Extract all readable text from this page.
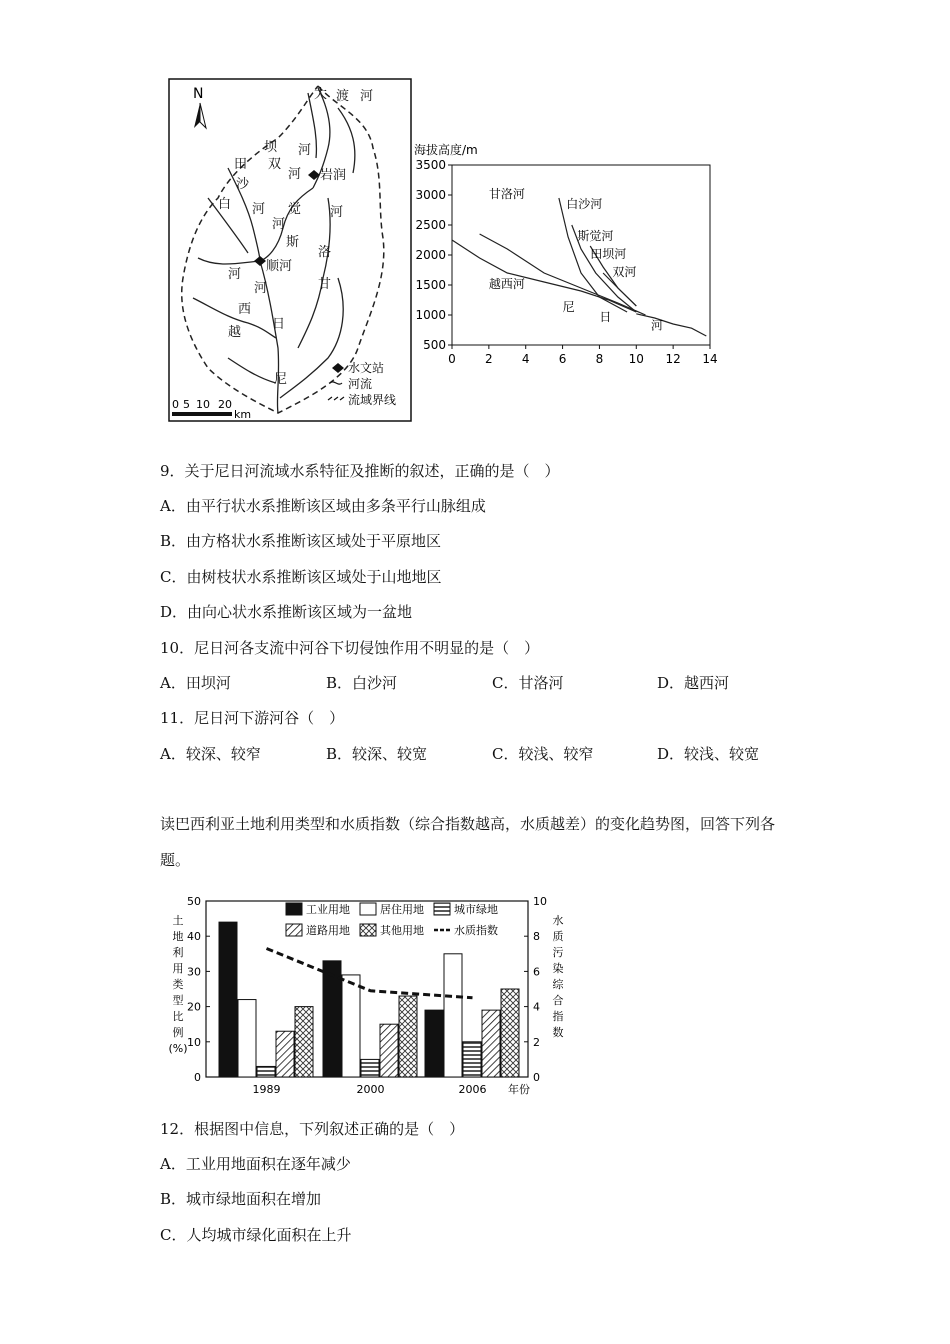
N	大 渡 河
坝 河
田 双
岩润
沙
河
河
白 河 觉
斯
河
洛
河
顺河
甘
河
西
日
越
尼
水文站
河流
流域界线
0 5 10 20
km
海拔高度/m
3500
3000
2500
2000
1500
1000
500
0 2 4 6 8 10 12 14
甘洛河
白沙河
斯觉河
田坝河
双河
越西河
尼
日
河
9．关于尼日河流域水系特征及推断的叙述，正确的是（　）
A．由平行状水系推断该区域由多条平行山脉组成
B．由方格状水系推断该区域处于平原地区
C．由树枝状水系推断该区域处于山地地区
D．由向心状水系推断该区域为一盆地
10．尼日河各支流中河谷下切侵蚀作用不明显的是（　）
A．田坝河	B．白沙河	C．甘洛河	D．越西河
11．尼日河下游河谷（　）
A．较深、较窄	B．较深、较宽	C．较浅、较窄	D．较浅、较宽
读巴西利亚土地利用类型和水质指数（综合指数越高，水质越差）的变化趋势图，回答下列各题。
工业用地	居住用地	城市绿地
道路用地	其他用地	水质指数
0
10
20
30
40
50
0
2
4
6
8
10
土
地
利
用
类
型
比
例
(%)
水
质
污
染
综
合
指
数
1989	2000	2006 年份
12．根据图中信息，下列叙述正确的是（　）
A．工业用地面积在逐年减少
B．城市绿地面积在增加
C．人均城市绿化面积在上升
